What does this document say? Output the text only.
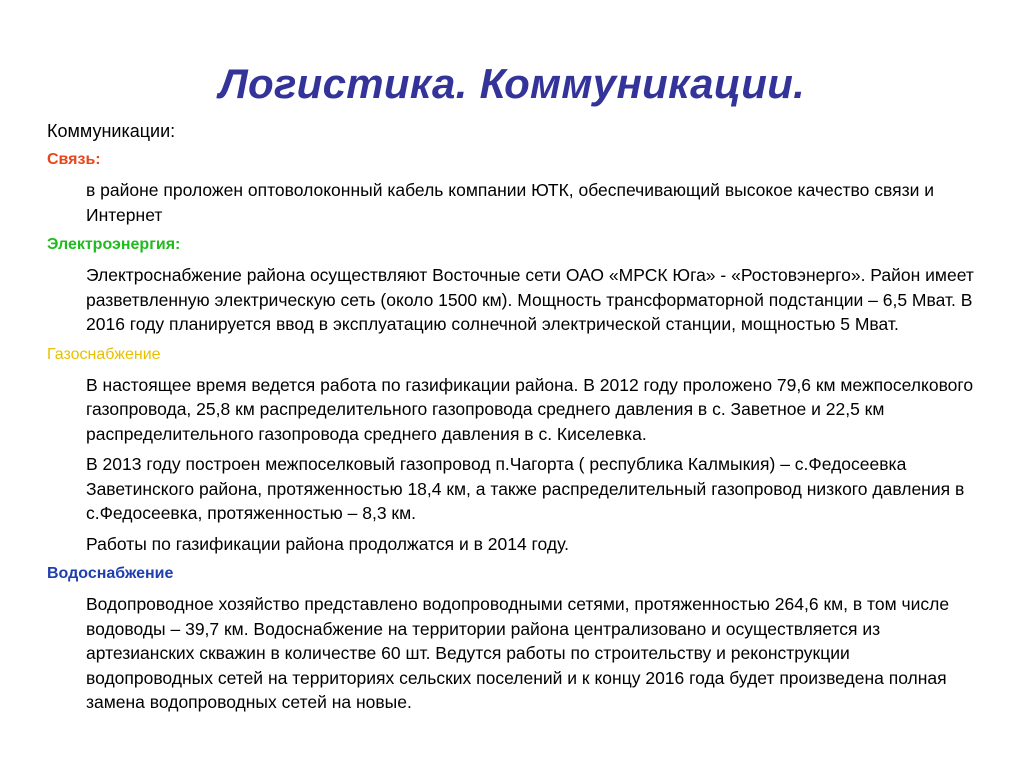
Логистика. Коммуникации.
Коммуникации:
Связь:

в районе проложен оптоволоконный кабель компании ЮТК, обеспечивающий высокое качество связи и Интернет

Электроэнергия:

Электроснабжение района осуществляют Восточные сети ОАО «МРСК Юга» - «Ростовэнерго». Район имеет разветвленную электрическую сеть (около 1500 км). Мощность трансформаторной подстанции – 6,5 Мват. В 2016 году планируется ввод в эксплуатацию солнечной электрической станции, мощностью 5 Мват.

Газоснабжение

В настоящее время ведется работа по газификации района. В 2012 году проложено 79,6 км межпоселкового газопровода, 25,8 км распределительного газопровода среднего давления в с. Заветное и 22,5 км распределительного газопровода среднего давления в с. Киселевка.

В 2013 году построен межпоселковый газопровод п.Чагорта ( республика Калмыкия) – с.Федосеевка Заветинского района, протяженностью 18,4 км, а также распределительный газопровод низкого давления в с.Федосеевка, протяженностью – 8,3 км.

Работы по газификации района продолжатся и в 2014 году.

Водоснабжение

Водопроводное хозяйство представлено водопроводными сетями, протяженностью 264,6 км, в том числе водоводы – 39,7 км. Водоснабжение на территории района централизовано и осуществляется из артезианских скважин в количестве 60 шт. Ведутся работы по строительству и реконструкции водопроводных сетей на территориях сельских поселений и к концу 2016 года будет произведена полная замена водопроводных сетей на новые.
